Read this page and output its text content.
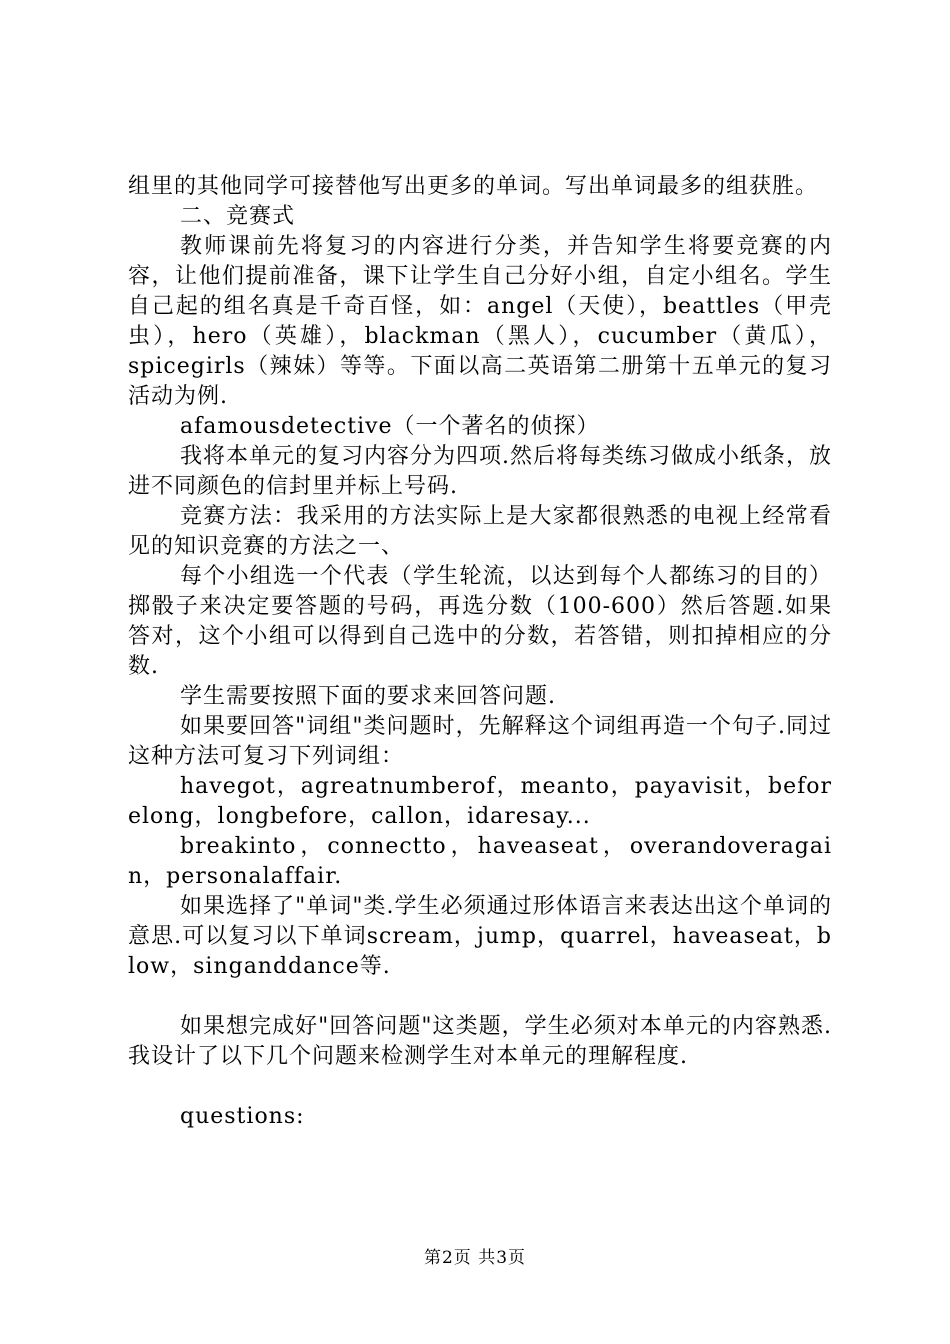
组里的其他同学可接替他写出更多的单词。写出单词最多的组获胜。

二、竞赛式

教师课前先将复习的内容进行分类，并告知学生将要竞赛的内容，让他们提前准备，课下让学生自己分好小组，自定小组名。学生自己起的组名真是千奇百怪，如：angel（天使），beattles（甲壳虫），hero（英雄），blackman（黑人），cucumber（黄瓜），spicegirls（辣妹）等等。下面以高二英语第二册第十五单元的复习活动为例.

afamousdetective（一个著名的侦探）

我将本单元的复习内容分为四项.然后将每类练习做成小纸条，放进不同颜色的信封里并标上号码.

竞赛方法：我采用的方法实际上是大家都很熟悉的电视上经常看见的知识竞赛的方法之一、

每个小组选一个代表（学生轮流，以达到每个人都练习的目的）掷骰子来决定要答题的号码，再选分数（100-600）然后答题.如果答对，这个小组可以得到自己选中的分数，若答错，则扣掉相应的分数.

学生需要按照下面的要求来回答问题.

如果要回答"词组"类问题时，先解释这个词组再造一个句子.同过这种方法可复习下列词组：

havegot，agreatnumberof，meanto，payavisit，beforelong，longbefore，callon，idaresay...

breakinto，connectto，haveaseat，overandoveragain，personalaffair.

如果选择了"单词"类.学生必须通过形体语言来表达出这个单词的意思.可以复习以下单词scream，jump，quarrel，haveaseat，blow，singanddance等.

如果想完成好"回答问题"这类题，学生必须对本单元的内容熟悉.我设计了以下几个问题来检测学生对本单元的理解程度.

questions:

第2页 共3页
